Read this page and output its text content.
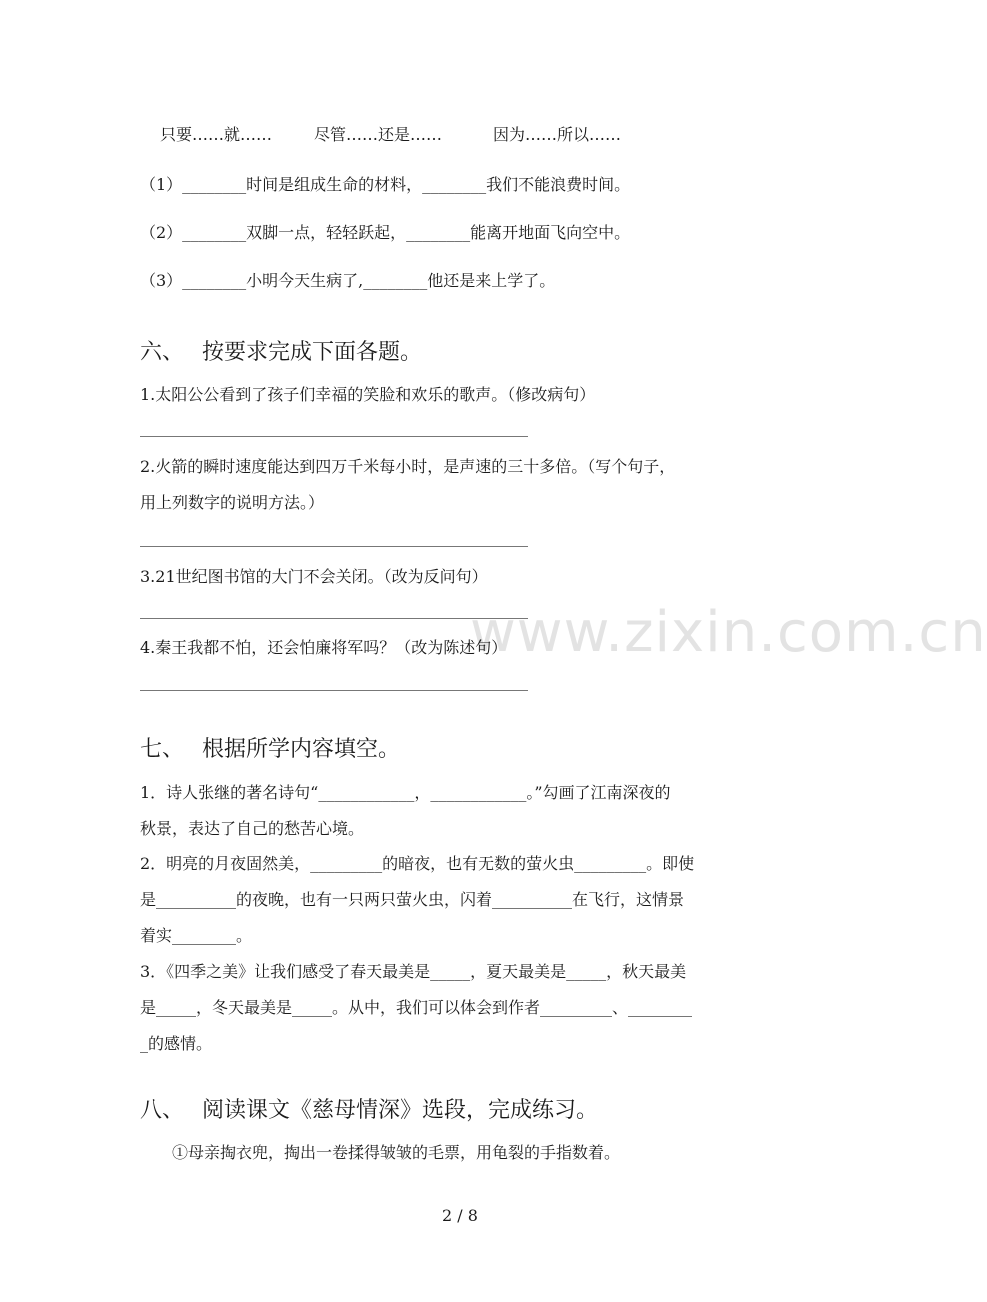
www.zixin.com.cn
只要……就……	尽管……还是……	因为……所以……
（1）________时间是组成生命的材料，________我们不能浪费时间。
（2）________双脚一点，轻轻跃起，________能离开地面飞向空中。
（3）________小明今天生病了,________他还是来上学了。
六、 按要求完成下面各题。
1.太阳公公看到了孩子们幸福的笑脸和欢乐的歌声。（修改病句）
2.火箭的瞬时速度能达到四万千米每小时，是声速的三十多倍。（写个句子，
用上列数字的说明方法。）
3.21世纪图书馆的大门不会关闭。（改为反问句）
4.秦王我都不怕，还会怕廉将军吗？（改为陈述句）
七、 根据所学内容填空。
1．诗人张继的著名诗句“____________，____________。”勾画了江南深夜的
秋景，表达了自己的愁苦心境。
2．明亮的月夜固然美，_________的暗夜，也有无数的萤火虫_________。即使
是__________的夜晚，也有一只两只萤火虫，闪着__________在飞行，这情景
着实________。
3．《四季之美》让我们感受了春天最美是_____，夏天最美是_____，秋天最美
是_____，冬天最美是_____。从中，我们可以体会到作者_________、________
_的感情。
八、 阅读课文《慈母情深》选段，完成练习。
①母亲掏衣兜，掏出一卷揉得皱皱的毛票，用龟裂的手指数着。
2 / 8
